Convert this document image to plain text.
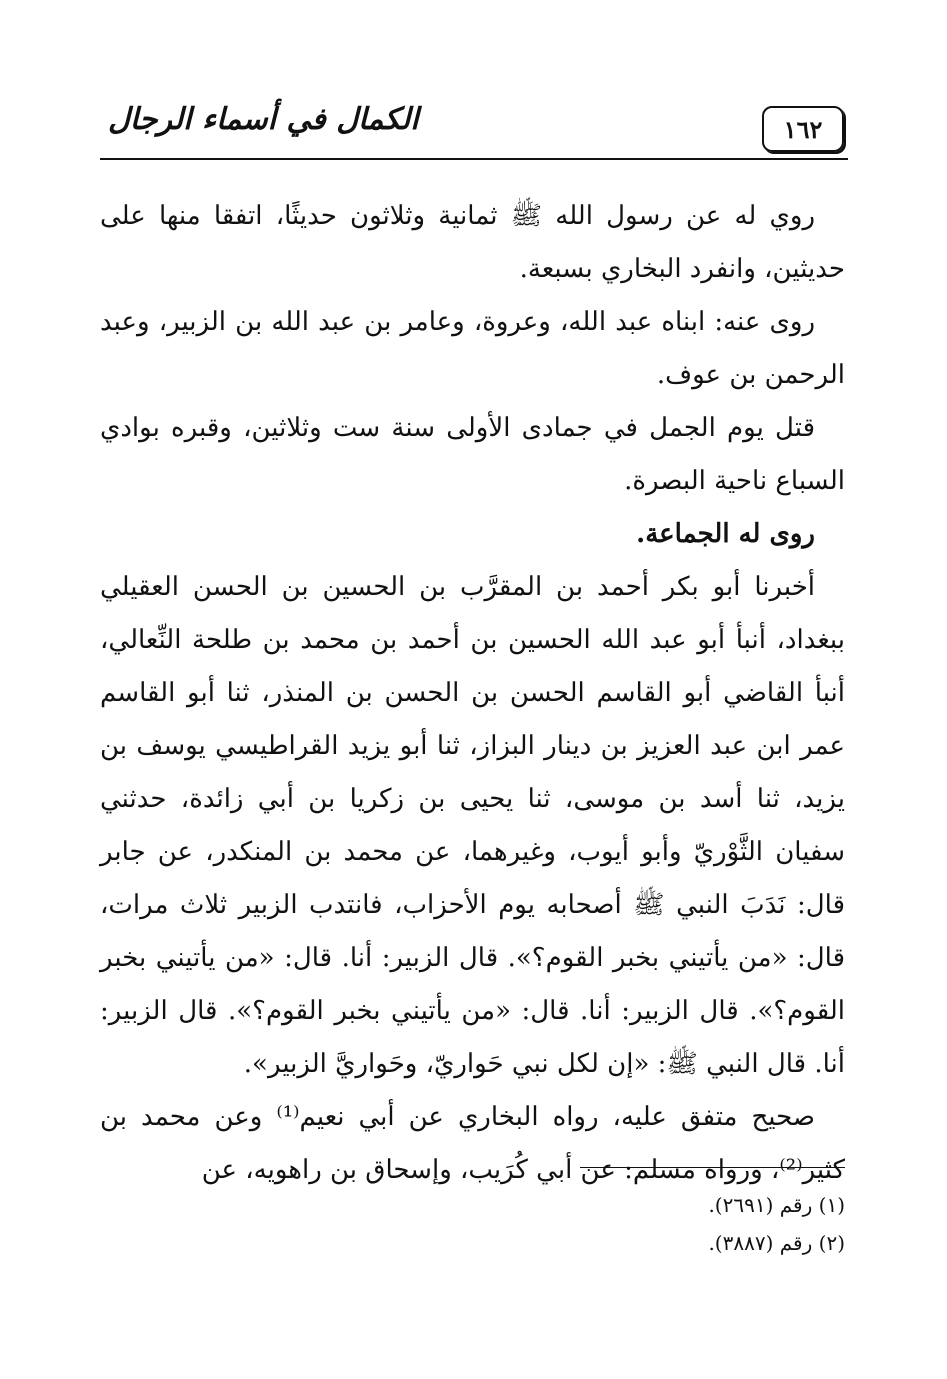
الكمال في أسماء الرجال	١٦٢

روي له عن رسول الله ﷺ ثمانية وثلاثون حديثًا، اتفقا منها على حديثين، وانفرد البخاري بسبعة.

روى عنه: ابناه عبد الله، وعروة، وعامر بن عبد الله بن الزبير، وعبد الرحمن بن عوف.

قتل يوم الجمل في جمادى الأولى سنة ست وثلاثين، وقبره بوادي السباع ناحية البصرة.

روى له الجماعة.

أخبرنا أبو بكر أحمد بن المقرَّب بن الحسين بن الحسن العقيلي ببغداد، أنبأ أبو عبد الله الحسين بن أحمد بن محمد بن طلحة النِّعالي، أنبأ القاضي أبو القاسم الحسن بن الحسن بن المنذر، ثنا أبو القاسم عمر ابن عبد العزيز بن دينار البزاز، ثنا أبو يزيد القراطيسي يوسف بن يزيد، ثنا أسد بن موسى، ثنا يحيى بن زكريا بن أبي زائدة، حدثني سفيان الثَّوْريّ وأبو أيوب، وغيرهما، عن محمد بن المنكدر، عن جابر قال: نَدَبَ النبي ﷺ أصحابه يوم الأحزاب، فانتدب الزبير ثلاث مرات، قال: «من يأتيني بخبر القوم؟». قال الزبير: أنا. قال: «من يأتيني بخبر القوم؟». قال الزبير: أنا. قال: «من يأتيني بخبر القوم؟». قال الزبير: أنا. قال النبي ﷺ: «إن لكل نبي حَواريّ، وحَواريَّ الزبير».

صحيح متفق عليه، رواه البخاري عن أبي نعيم⁽¹⁾ وعن محمد بن كثير⁽²⁾، ورواه مسلم: عن أبي كُرَيب، وإسحاق بن راهويه، عن

(١) رقم (٢٦٩١).

(٢) رقم (٣٨٨٧).
